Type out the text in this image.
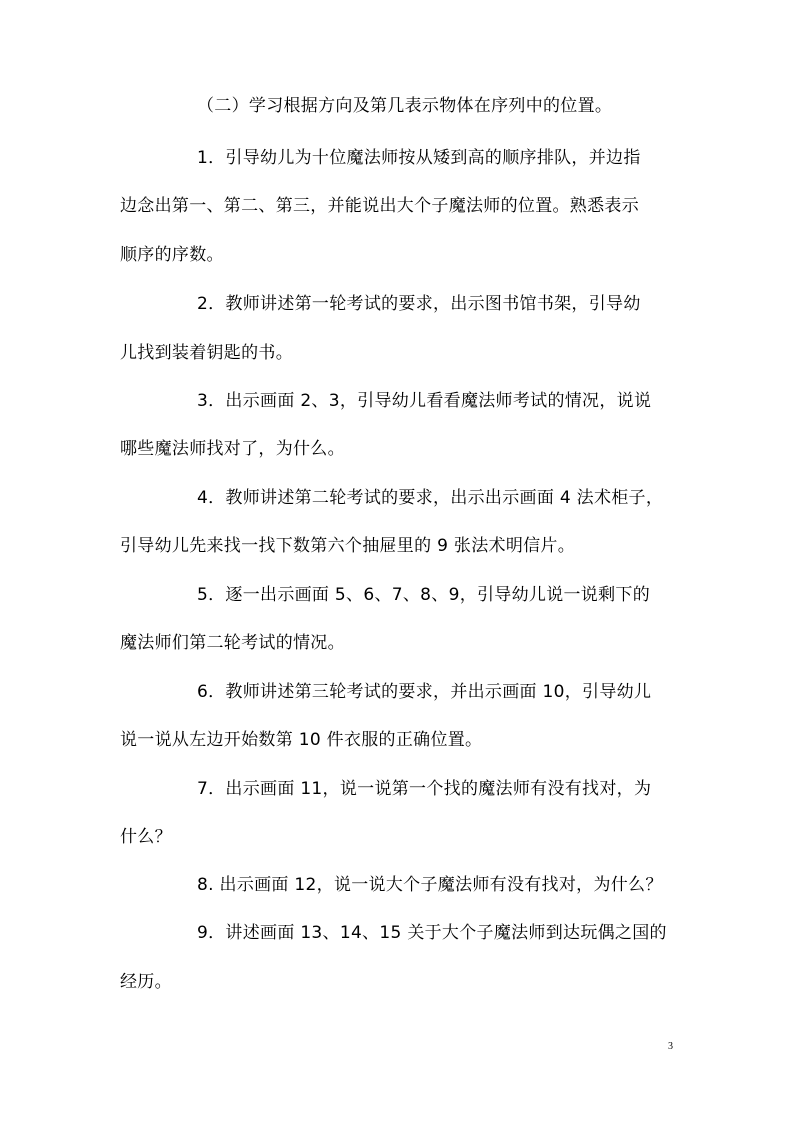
（二）学习根据方向及第几表示物体在序列中的位置。
1．引导幼儿为十位魔法师按从矮到高的顺序排队，并边指
边念出第一、第二、第三，并能说出大个子魔法师的位置。熟悉表示
顺序的序数。
2．教师讲述第一轮考试的要求，出示图书馆书架，引导幼
儿找到装着钥匙的书。
3．出示画面 2、3，引导幼儿看看魔法师考试的情况，说说
哪些魔法师找对了，为什么。
4．教师讲述第二轮考试的要求，出示出示画面 4 法术柜子，
引导幼儿先来找一找下数第六个抽屉里的 9 张法术明信片。
5．逐一出示画面 5、6、7、8、9，引导幼儿说一说剩下的
魔法师们第二轮考试的情况。
6．教师讲述第三轮考试的要求，并出示画面 10，引导幼儿
说一说从左边开始数第 10 件衣服的正确位置。
7．出示画面 11，说一说第一个找的魔法师有没有找对，为
什么？
8. 出示画面 12，说一说大个子魔法师有没有找对，为什么？
9．讲述画面 13、14、15 关于大个子魔法师到达玩偶之国的
经历。
3
